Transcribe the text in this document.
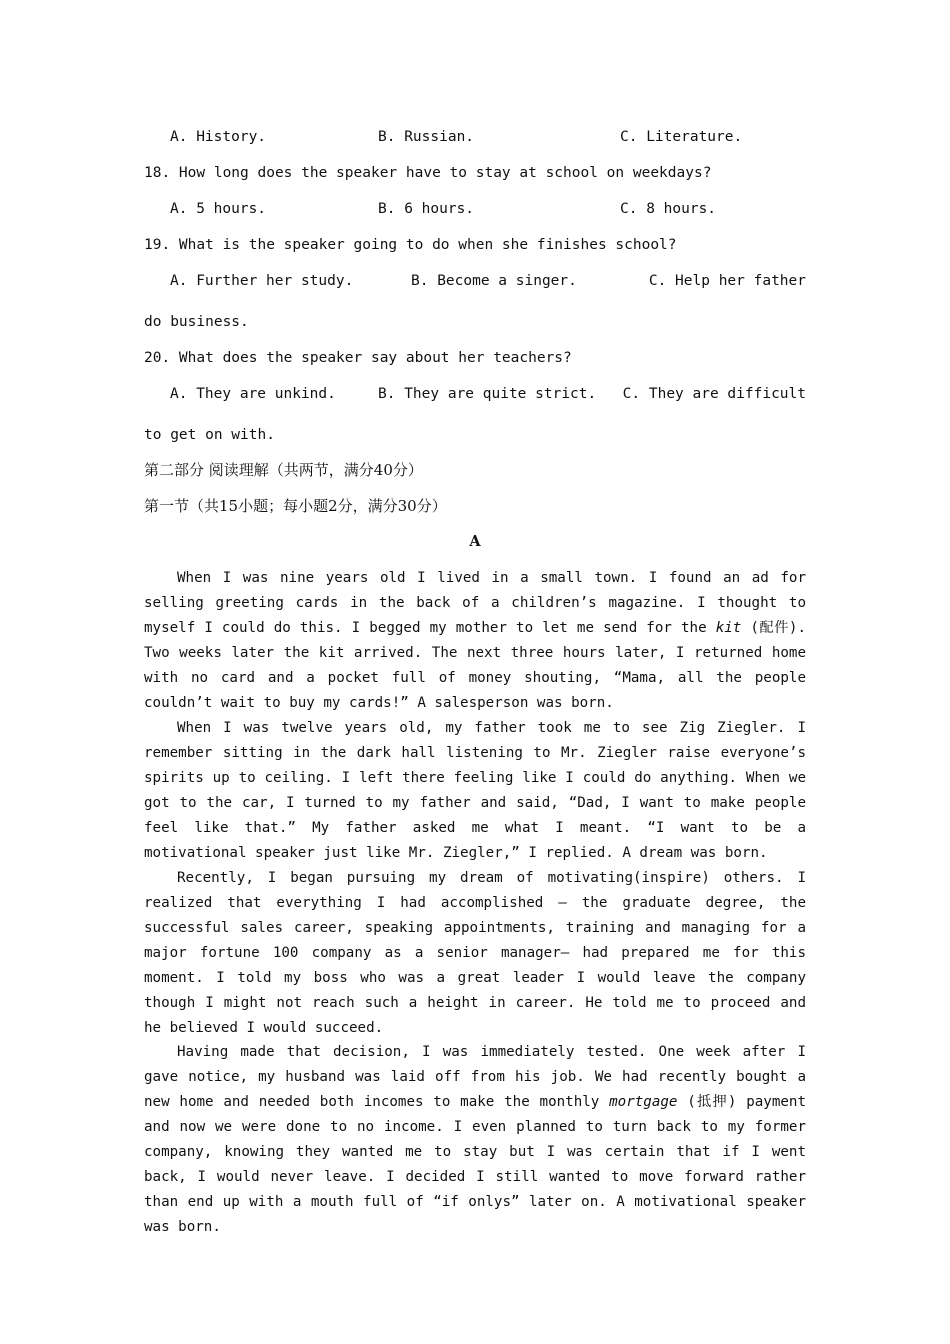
A. History.	B. Russian.	C. Literature.
18. How long does the speaker have to stay at school on weekdays?
A. 5 hours.	B. 6 hours.	C. 8 hours.
19. What is the speaker going to do when she finishes school?
A. Further her study.	B. Become a singer.	C. Help her father
do business.
20. What does the speaker say about her teachers?
A. They are unkind.	B. They are quite strict. C. They are difficult
to get on with.
第二部分 阅读理解（共两节，满分40分）
第一节（共15小题；每小题2分，满分30分）
A
When I was nine years old I lived in a small town. I found an ad for selling greeting cards in the back of a children’s magazine. I thought to myself I could do this. I begged my mother to let me send for the kit (配件). Two weeks later the kit arrived. The next three hours later, I returned home with no card and a pocket full of money shouting, “Mama, all the people couldn’t wait to buy my cards!” A salesperson was born.
When I was twelve years old, my father took me to see Zig Ziegler. I remember sitting in the dark hall listening to Mr. Ziegler raise everyone’s spirits up to ceiling. I left there feeling like I could do anything. When we got to the car, I turned to my father and said, “Dad, I want to make people feel like that.” My father asked me what I meant. “I want to be a motivational speaker just like Mr. Ziegler,” I replied. A dream was born.
Recently, I began pursuing my dream of motivating(inspire) others. I realized that everything I had accomplished — the graduate degree, the successful sales career, speaking appointments, training and managing for a major fortune 100 company as a senior manager— had prepared me for this moment. I told my boss who was a great leader I would leave the company though I might not reach such a height in career. He told me to proceed and he believed I would succeed.
Having made that decision, I was immediately tested. One week after I gave notice, my husband was laid off from his job. We had recently bought a new home and needed both incomes to make the monthly mortgage (抵押) payment and now we were done to no income. I even planned to turn back to my former company, knowing they wanted me to stay but I was certain that if I went back, I would never leave. I decided I still wanted to move forward rather than end up with a mouth full of “if onlys” later on. A motivational speaker was born.
